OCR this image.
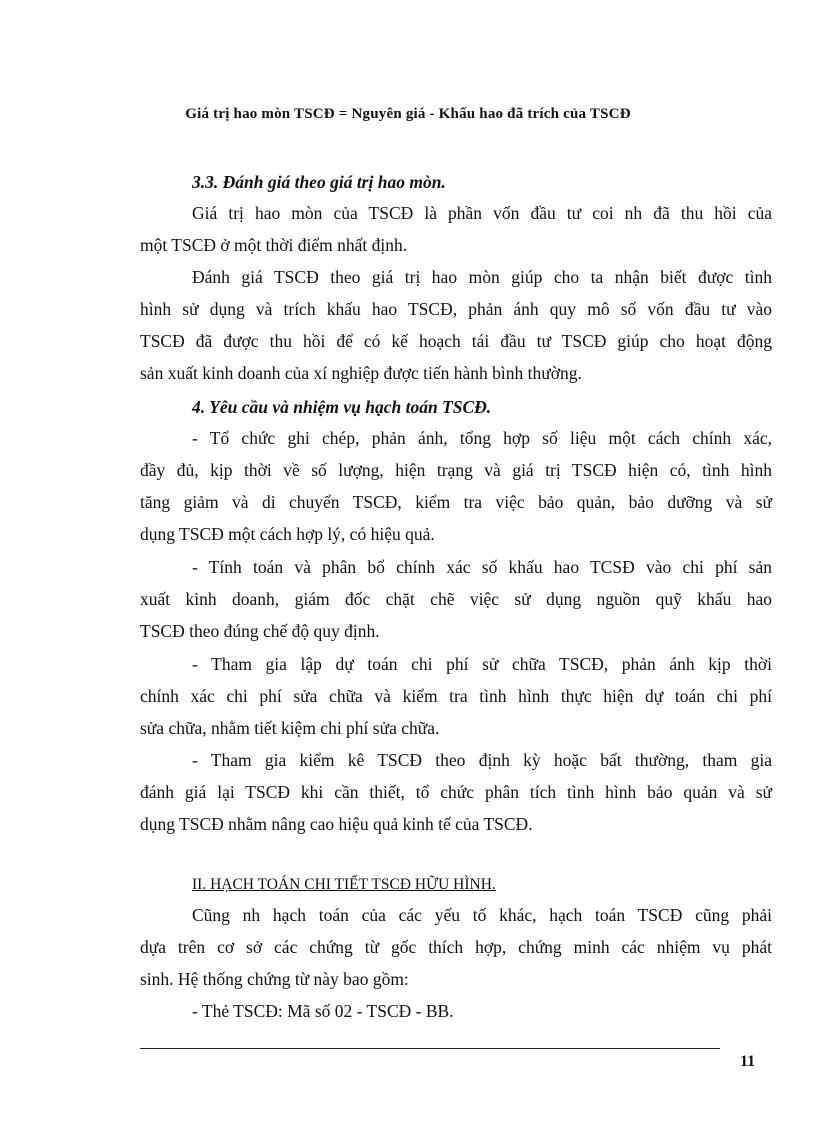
Giá trị hao mòn TSCĐ = Nguyên giá - Khấu hao đã trích của TSCĐ
3.3. Đánh giá theo giá trị hao mòn.
Giá trị hao mòn của TSCĐ là phần vốn đầu tư coi nh đã thu hồi của
một TSCĐ ở một thời điểm nhất định.
Đánh giá TSCĐ theo giá trị hao mòn giúp cho ta nhận biết được tình
hình sử dụng và trích khấu hao TSCĐ, phản ánh quy mô số vốn đầu tư vào
TSCĐ đã được thu hồi để có kế hoạch tái đầu tư TSCĐ giúp cho hoạt động
sản xuất kinh doanh của xí nghiệp được tiến hành bình thường.
4. Yêu cầu và nhiệm vụ hạch toán TSCĐ.
- Tổ chức ghi chép, phản ánh, tổng hợp số liệu một cách chính xác,
đầy đủ, kịp thời về số lượng, hiện trạng và giá trị TSCĐ hiện có, tình hình
tăng giảm và di chuyển TSCĐ, kiểm tra việc bảo quản, bảo dưỡng và sử
dụng TSCĐ một cách hợp lý, có hiệu quả.
- Tính toán và phân bổ chính xác số khấu hao TCSĐ vào chi phí sản
xuất kinh doanh, giám đốc chặt chẽ việc sử dụng nguồn quỹ khấu hao
TSCĐ theo đúng chế độ quy định.
- Tham gia lập dự toán chi phí sử chữa TSCĐ, phản ánh kịp thời
chính xác chi phí sửa chữa và kiểm tra tình hình thực hiện dự toán chi phí
sửa chữa, nhằm tiết kiệm chi phí sửa chữa.
- Tham gia kiểm kê TSCĐ theo định kỳ hoặc bất thường, tham gia
đánh giá lại TSCĐ khi cần thiết, tổ chức phân tích tình hình bảo quản và sử
dụng TSCĐ nhằm nâng cao hiệu quả kinh tế của TSCĐ.
II. HẠCH TOÁN CHI TIẾT TSCĐ HỮU HÌNH.
Cũng nh hạch toán của các yếu tố khác, hạch toán TSCĐ cũng phải
dựa trên cơ sở các chứng từ gốc thích hợp, chứng minh các nhiệm vụ phát
sinh. Hệ thống chứng từ này bao gồm:
- Thẻ TSCĐ: Mã số 02 - TSCĐ - BB.
11
